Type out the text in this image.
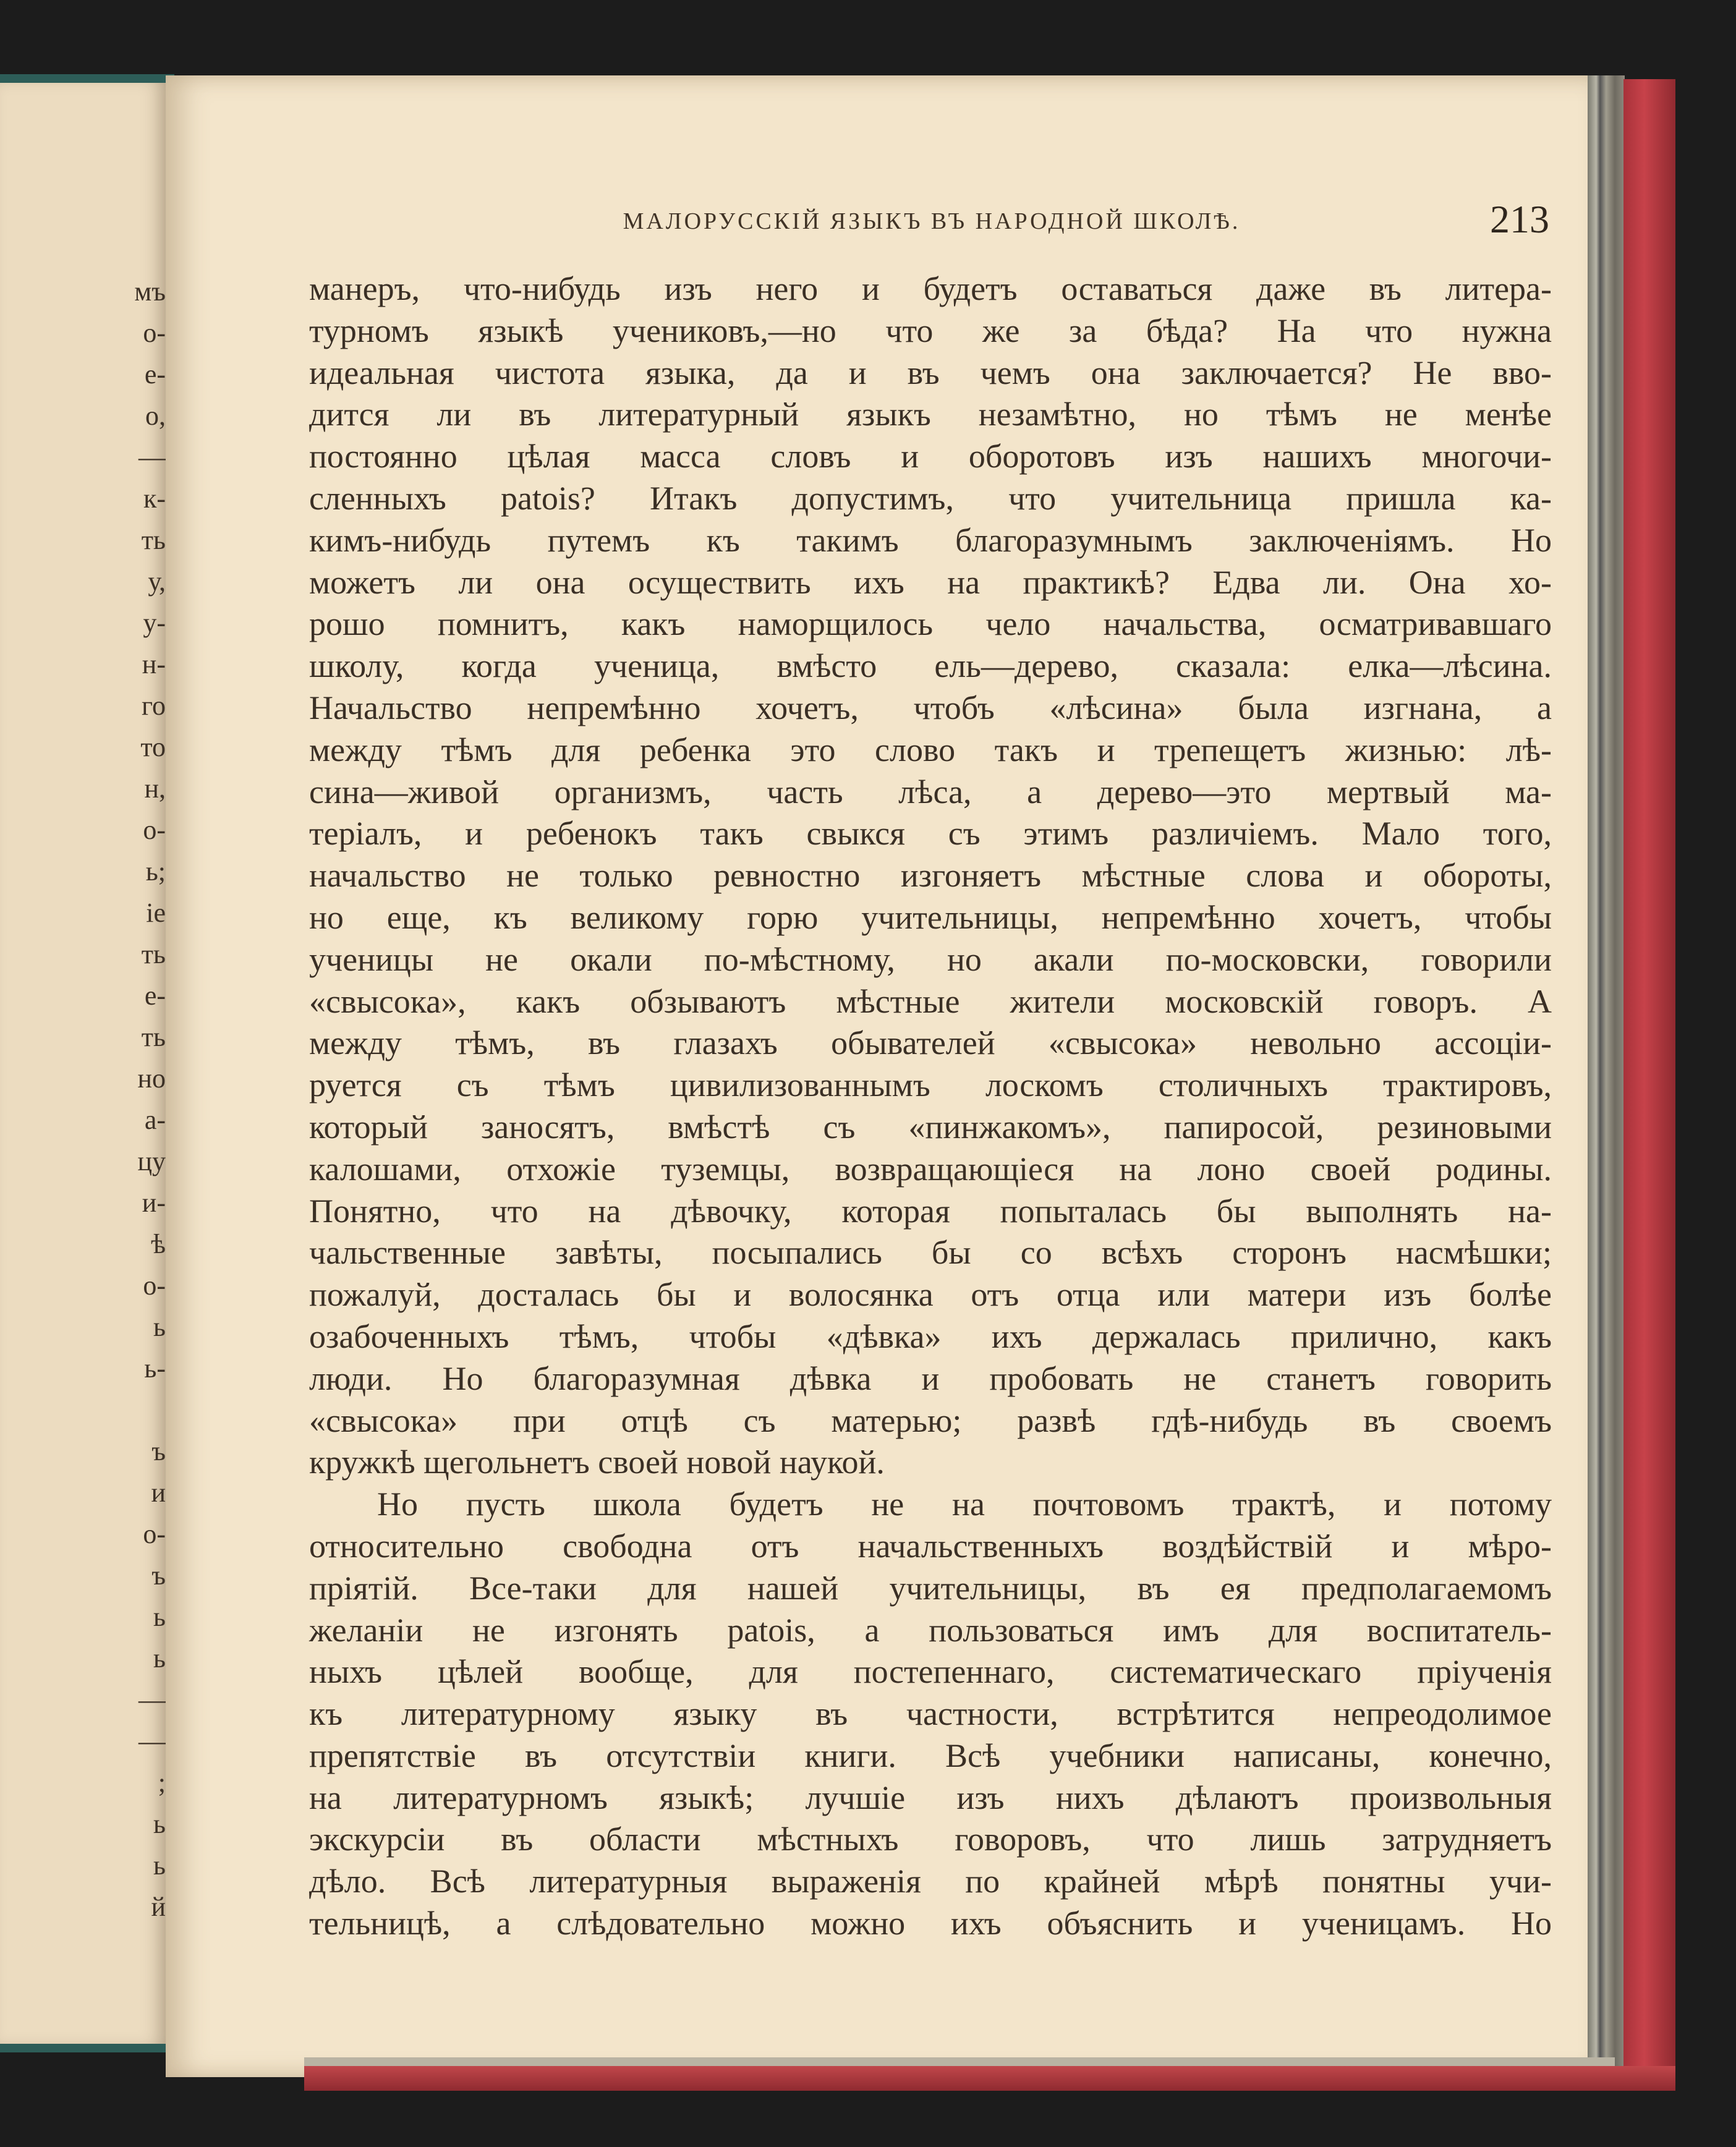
мъ
о-
е-
о,
—
к-
ть
у,
у-
н-
го
то
н,
о-
ь;
іе
ть
е-
ть
но
а-
цу
и-
ѣ
о-
ь
ь-
ъ
и
о-
ъ
ь
ь
—
—
;
ь
ь
й
МАЛОРУССКІЙ ЯЗЫКЪ ВЪ НАРОДНОЙ ШКОЛѢ.	213
манеръ, что-нибудь изъ него и будетъ оставаться даже въ литера-
турномъ языкѣ учениковъ,—но что же за бѣда? На что нужна
идеальная чистота языка, да и въ чемъ она заключается? Не вво-
дится ли въ литературный языкъ незамѣтно, но тѣмъ не менѣе
постоянно цѣлая масса словъ и оборотовъ изъ нашихъ многочи-
сленныхъ patois? Итакъ допустимъ, что учительница пришла ка-
кимъ-нибудь путемъ къ такимъ благоразумнымъ заключеніямъ. Но
можетъ ли она осуществить ихъ на практикѣ? Едва ли. Она хо-
рошо помнитъ, какъ наморщилось чело начальства, осматривавшаго
школу, когда ученица, вмѣсто ель—дерево, сказала: елка—лѣсина.
Начальство непремѣнно хочетъ, чтобъ «лѣсина» была изгнана, а
между тѣмъ для ребенка это слово такъ и трепещетъ жизнью: лѣ-
сина—живой организмъ, часть лѣса, а дерево—это мертвый ма-
теріалъ, и ребенокъ такъ свыкся съ этимъ различіемъ. Мало того,
начальство не только ревностно изгоняетъ мѣстные слова и обороты,
но еще, къ великому горю учительницы, непремѣнно хочетъ, чтобы
ученицы не окали по-мѣстному, но акали по-московски, говорили
«свысока», какъ обзываютъ мѣстные жители московскій говоръ. А
между тѣмъ, въ глазахъ обывателей «свысока» невольно ассоціи-
руется съ тѣмъ цивилизованнымъ лоскомъ столичныхъ трактировъ,
который заносятъ, вмѣстѣ съ «пинжакомъ», папиросой, резиновыми
калошами, отхожіе туземцы, возвращающіеся на лоно своей родины.
Понятно, что на дѣвочку, которая попыталась бы выполнять на-
чальственные завѣты, посыпались бы со всѣхъ сторонъ насмѣшки;
пожалуй, досталась бы и волосянка отъ отца или матери изъ болѣе
озабоченныхъ тѣмъ, чтобы «дѣвка» ихъ держалась прилично, какъ
люди. Но благоразумная дѣвка и пробовать не станетъ говорить
«свысока» при отцѣ съ матерью; развѣ гдѣ-нибудь въ своемъ
кружкѣ щегольнетъ своей новой наукой.
Но пусть школа будетъ не на почтовомъ трактѣ, и потому
относительно свободна отъ начальственныхъ воздѣйствій и мѣро-
пріятій. Все-таки для нашей учительницы, въ ея предполагаемомъ
желаніи не изгонять patois, а пользоваться имъ для воспитатель-
ныхъ цѣлей вообще, для постепеннаго, систематическаго пріученія
къ литературному языку въ частности, встрѣтится непреодолимое
препятствіе въ отсутствіи книги. Всѣ учебники написаны, конечно,
на литературномъ языкѣ; лучшіе изъ нихъ дѣлаютъ произвольныя
экскурсіи въ области мѣстныхъ говоровъ, что лишь затрудняетъ
дѣло. Всѣ литературныя выраженія по крайней мѣрѣ понятны учи-
тельницѣ, а слѣдовательно можно ихъ объяснить и ученицамъ. Но
